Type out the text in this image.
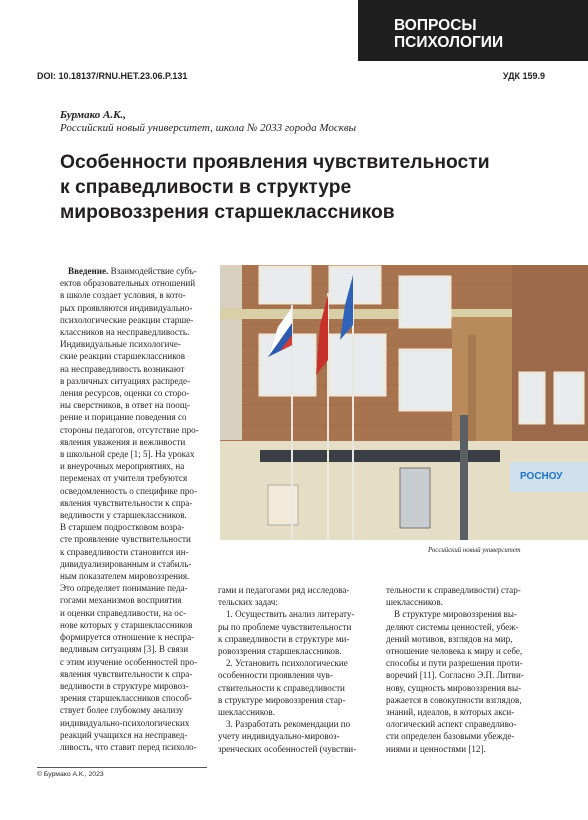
ВОПРОСЫ
ПСИХОЛОГИИ
DOI: 10.18137/RNU.HET.23.06.P.131	УДК 159.9
Бурмако А.К.,
Российский новый университет, школа № 2033 города Москвы
Особенности проявления чувствительности
к справедливости в структуре
мировоззрения старшеклассников
Введение. Взаимодействие субъ-
ектов образовательных отношений
в школе создает условия, в кото-
рых проявляются индивидуально-
психологические реакции старше-
классников на несправедливость.
Индивидуальные психологиче-
ские реакции старшеклассников
на несправедливость возникают
в различных ситуациях распреде-
ления ресурсов, оценки со сторо-
ны сверстников, в ответ на поощ-
рение и порицание поведения со
стороны педагогов, отсутствие про-
явления уважения и вежливости
в школьной среде [1; 5]. На уроках
и внеурочных мероприятиях, на
переменах от учителя требуются
осведомленность о специфике про-
явления чувствительности к спра-
ведливости у старшеклассников.
В старшем подростковом возра-
сте проявление чувствительности
к справедливости становится ин-
дивидуализированным и стабиль-
ным показателем мировоззрения.
Это определяет понимание педа-
гогами механизмов восприятия
и оценки справедливости, на ос-
нове которых у старшеклассников
формируется отношение к неспра-
ведливым ситуациям [3]. В связи
с этим изучение особенностей про-
явления чувствительности к спра-
ведливости в структуре мировоз-
зрения старшеклассников способ-
ствует более глубокому анализу
индивидуально-психологических
реакций учащихся на несправед-
ливость, что ставит перед психоло-
РОСНОУ
Российский новый университет
гами и педагогами ряд исследова-
тельских задач:
1. Осуществить анализ литерату-
ры по проблеме чувствительности
к справедливости в структуре ми-
ровоззрения старшеклассников.
2. Установить психологические
особенности проявления чув-
ствительности к справедливости
в структуре мировоззрения стар-
шеклассников.
3. Разработать рекомендации по
учету индивидуально-мировоз-
зренческих особенностей (чувстви-
тельности к справедливости) стар-
шеклассников.
В структуре мировоззрения вы-
деляют системы ценностей, убеж-
дений мотивов, взглядов на мир,
отношение человека к миру и себе,
способы и пути разрешения проти-
воречий [11]. Согласно Э.П. Литви-
нову, сущность мировоззрения вы-
ражается в совокупности взглядов,
знаний, идеалов, в которых акси-
ологический аспект справедливо-
сти определен базовыми убежде-
ниями и ценностями [12].
© Бурмако А.К., 2023
